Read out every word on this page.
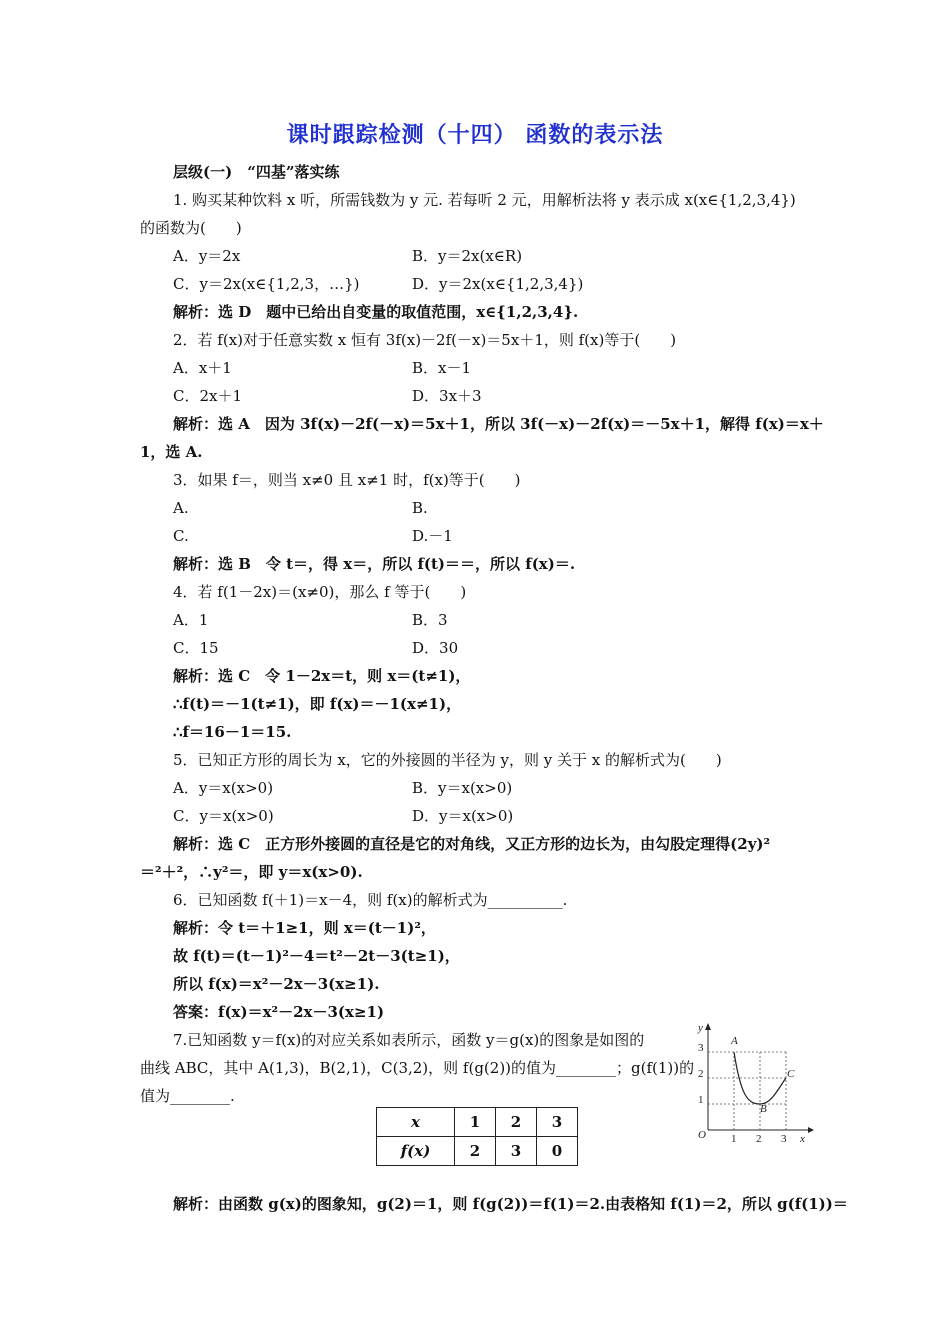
课时跟踪检测（十四） 函数的表示法
层级(一)　“四基”落实练
1. 购买某种饮料 x 听，所需钱数为 y 元. 若每听 2 元，用解析法将 y 表示成 x(x∈{1,2,3,4})
的函数为(　　)
A．y＝2x	B．y＝2x(x∈R)
C．y＝2x(x∈{1,2,3，…})	D．y＝2x(x∈{1,2,3,4})
解析：选 D　题中已给出自变量的取值范围，x∈{1,2,3,4}.
2．若 f(x)对于任意实数 x 恒有 3f(x)－2f(－x)＝5x＋1，则 f(x)等于(　　)
A．x＋1	B．x－1
C．2x＋1	D．3x＋3
解析：选 A　因为 3f(x)－2f(－x)＝5x＋1，所以 3f(－x)－2f(x)＝－5x＋1，解得 f(x)＝x＋
1，选 A.
3．如果 f＝，则当 x≠0 且 x≠1 时，f(x)等于(　　)
A.	B.
C.	D.－1
解析：选 B　令 t＝，得 x＝，所以 f(t)＝＝，所以 f(x)＝.
4．若 f(1－2x)＝(x≠0)，那么 f 等于(　　)
A．1	B．3
C．15	D．30
解析：选 C　令 1－2x＝t，则 x＝(t≠1)，
∴f(t)＝－1(t≠1)，即 f(x)＝－1(x≠1)，
∴f＝16－1＝15.
5．已知正方形的周长为 x，它的外接圆的半径为 y，则 y 关于 x 的解析式为(　　)
A．y＝x(x>0)	B．y＝x(x>0)
C．y＝x(x>0)	D．y＝x(x>0)
解析：选 C　正方形外接圆的直径是它的对角线，又正方形的边长为，由勾股定理得(2y)²
＝²＋²，∴y²＝，即 y＝x(x>0).
6．已知函数 f(＋1)＝x－4，则 f(x)的解析式为__________.
解析：令 t＝＋1≥1，则 x＝(t－1)²，
故 f(t)＝(t－1)²－4＝t²－2t－3(t≥1)，
所以 f(x)＝x²－2x－3(x≥1).
答案：f(x)＝x²－2x－3(x≥1)
7.已知函数 y＝f(x)的对应关系如表所示，函数 y＝g(x)的图象是如图的
曲线 ABC，其中 A(1,3)，B(2,1)，C(3,2)，则 f(g(2))的值为________；g(f(1))的
值为________.
x	1	2	3
f(x)	2	3	0
O	x
y
1 2 3
1
2
3
A
B
C
解析：由函数 g(x)的图象知，g(2)＝1，则 f(g(2))＝f(1)＝2.由表格知 f(1)＝2，所以 g(f(1))＝
